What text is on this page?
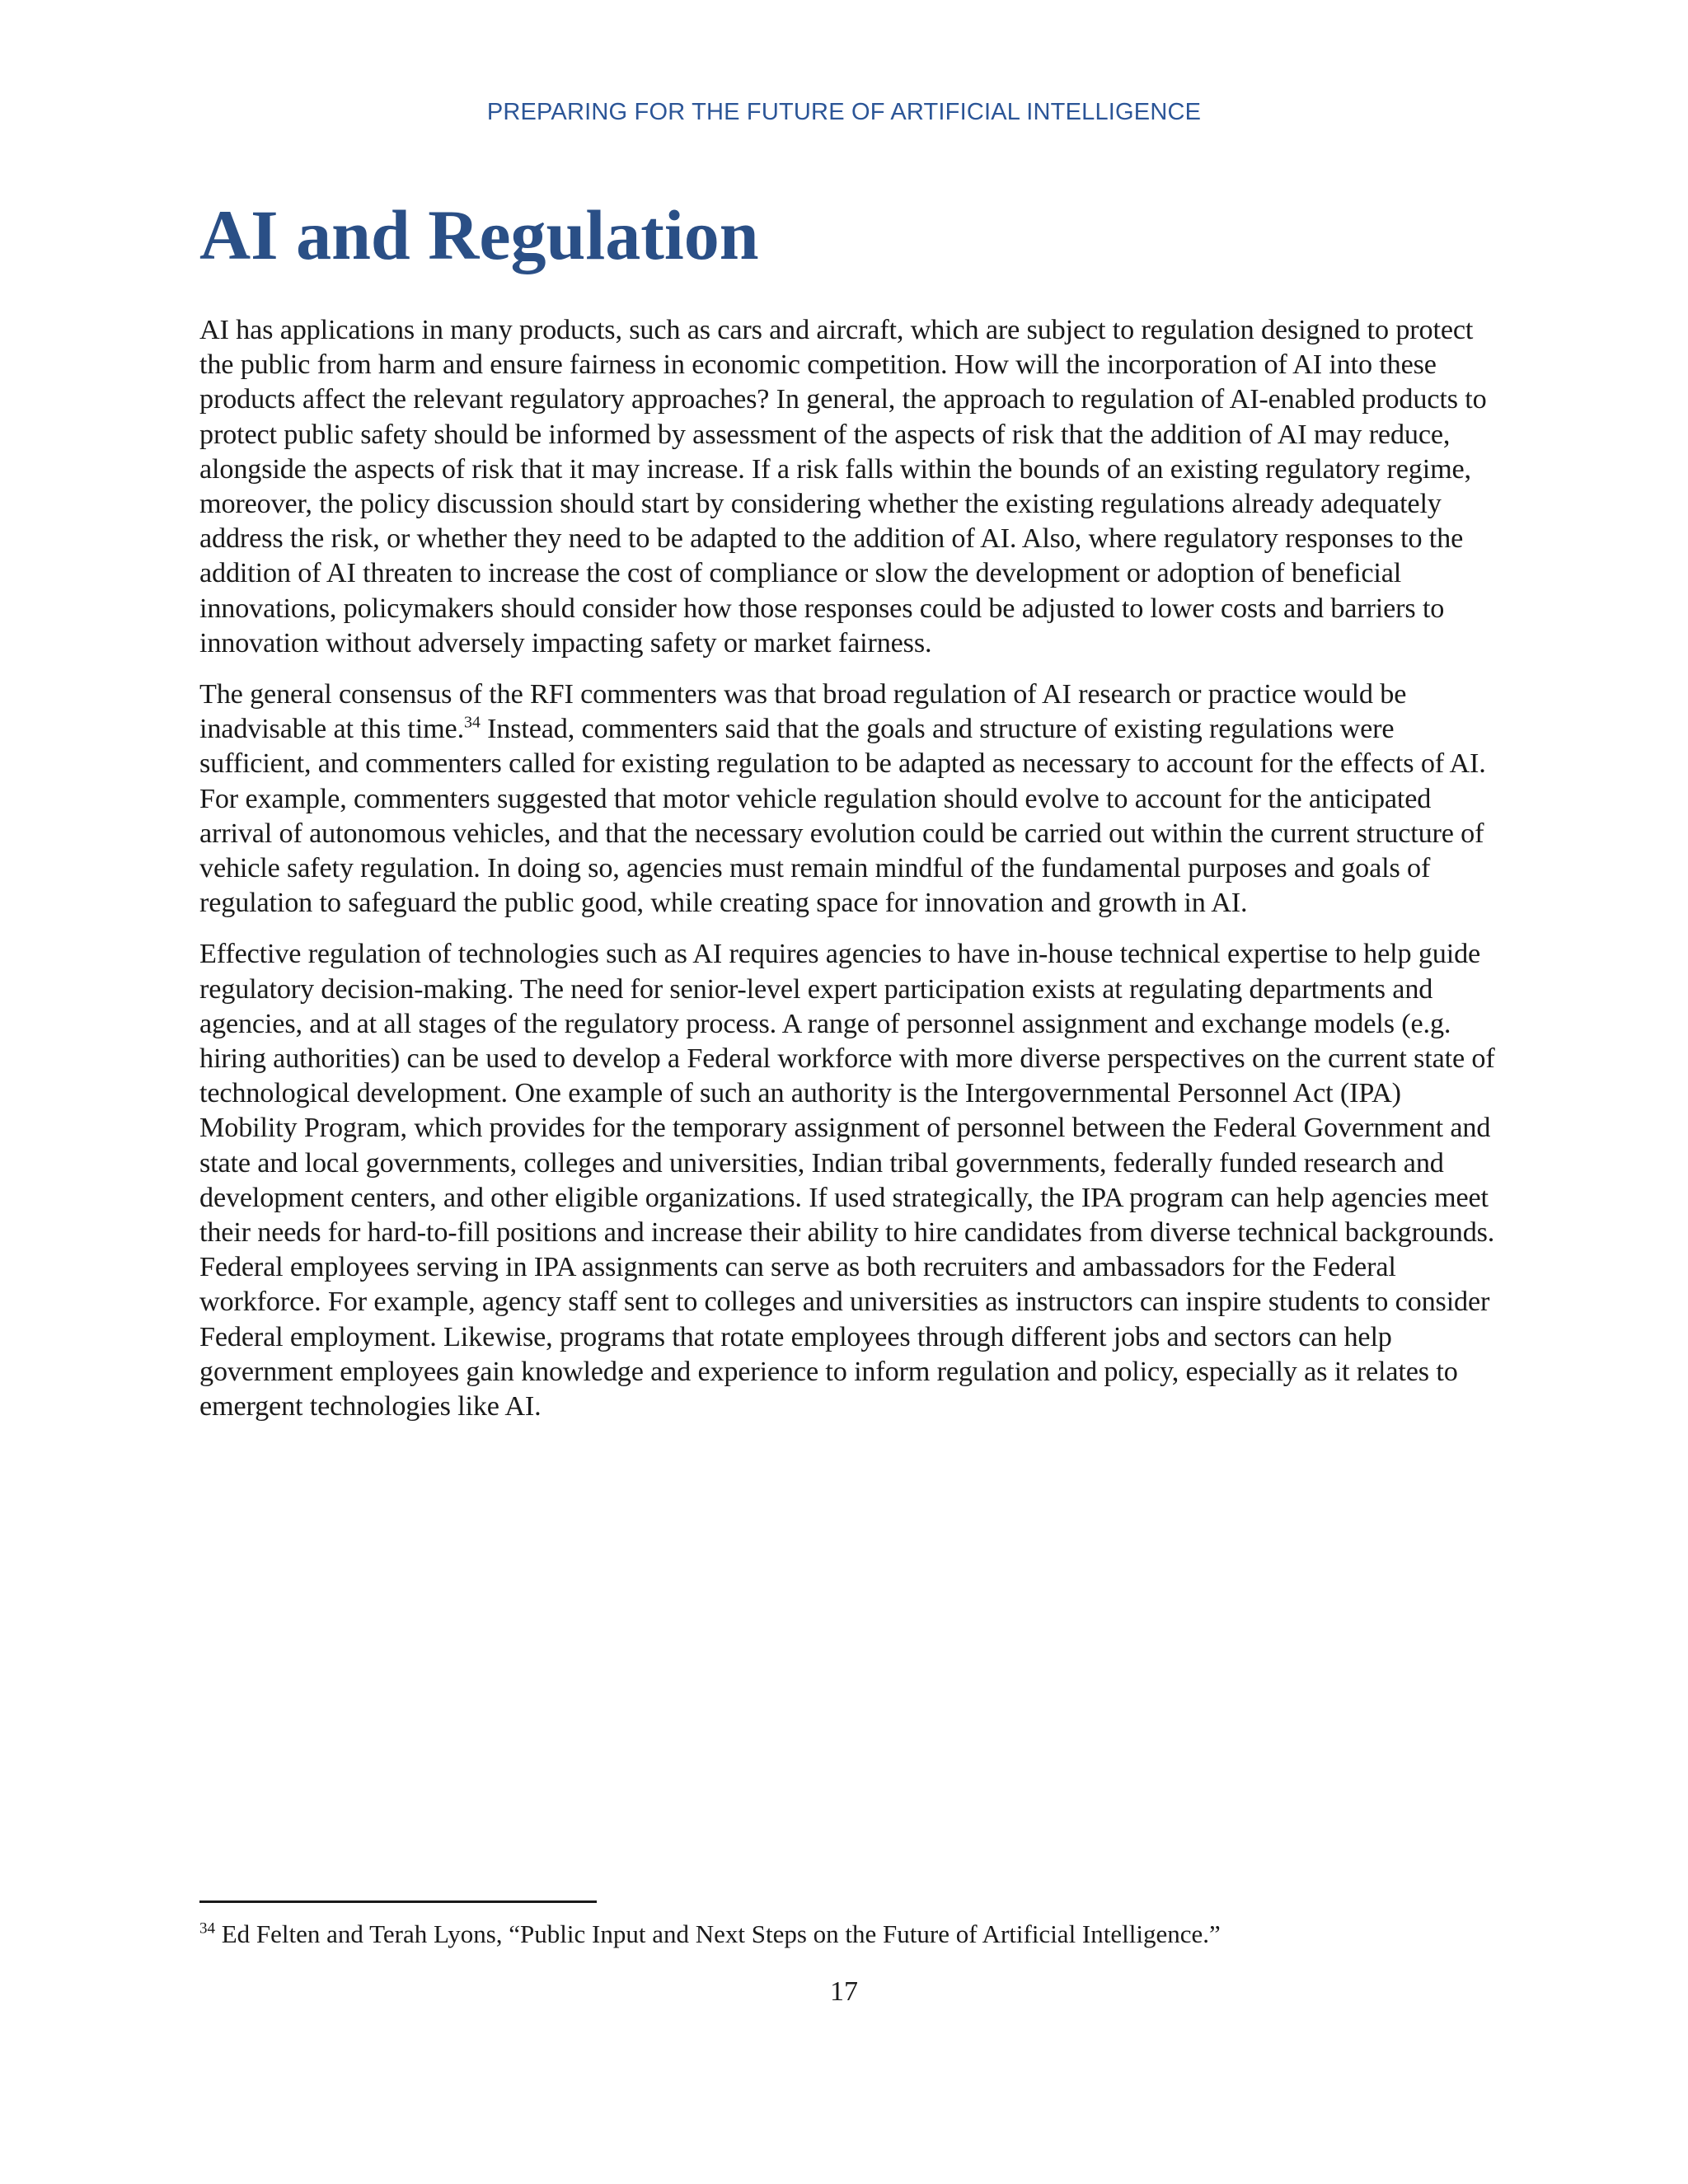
PREPARING FOR THE FUTURE OF ARTIFICIAL INTELLIGENCE
AI and Regulation

AI has applications in many products, such as cars and aircraft, which are subject to regulation designed to protect the public from harm and ensure fairness in economic competition. How will the incorporation of AI into these products affect the relevant regulatory approaches? In general, the approach to regulation of AI-enabled products to protect public safety should be informed by assessment of the aspects of risk that the addition of AI may reduce, alongside the aspects of risk that it may increase. If a risk falls within the bounds of an existing regulatory regime, moreover, the policy discussion should start by considering whether the existing regulations already adequately address the risk, or whether they need to be adapted to the addition of AI. Also, where regulatory responses to the addition of AI threaten to increase the cost of compliance or slow the development or adoption of beneficial innovations, policymakers should consider how those responses could be adjusted to lower costs and barriers to innovation without adversely impacting safety or market fairness.

The general consensus of the RFI commenters was that broad regulation of AI research or practice would be inadvisable at this time.$^{34}$ Instead, commenters said that the goals and structure of existing regulations were sufficient, and commenters called for existing regulation to be adapted as necessary to account for the effects of AI. For example, commenters suggested that motor vehicle regulation should evolve to account for the anticipated arrival of autonomous vehicles, and that the necessary evolution could be carried out within the current structure of vehicle safety regulation. In doing so, agencies must remain mindful of the fundamental purposes and goals of regulation to safeguard the public good, while creating space for innovation and growth in AI.

Effective regulation of technologies such as AI requires agencies to have in-house technical expertise to help guide regulatory decision-making. The need for senior-level expert participation exists at regulating departments and agencies, and at all stages of the regulatory process. A range of personnel assignment and exchange models (e.g. hiring authorities) can be used to develop a Federal workforce with more diverse perspectives on the current state of technological development. One example of such an authority is the Intergovernmental Personnel Act (IPA) Mobility Program, which provides for the temporary assignment of personnel between the Federal Government and state and local governments, colleges and universities, Indian tribal governments, federally funded research and development centers, and other eligible organizations. If used strategically, the IPA program can help agencies meet their needs for hard-to-fill positions and increase their ability to hire candidates from diverse technical backgrounds. Federal employees serving in IPA assignments can serve as both recruiters and ambassadors for the Federal workforce. For example, agency staff sent to colleges and universities as instructors can inspire students to consider Federal employment. Likewise, programs that rotate employees through different jobs and sectors can help government employees gain knowledge and experience to inform regulation and policy, especially as it relates to emergent technologies like AI.

$^{34}$ Ed Felten and Terah Lyons, “Public Input and Next Steps on the Future of Artificial Intelligence.”
17
